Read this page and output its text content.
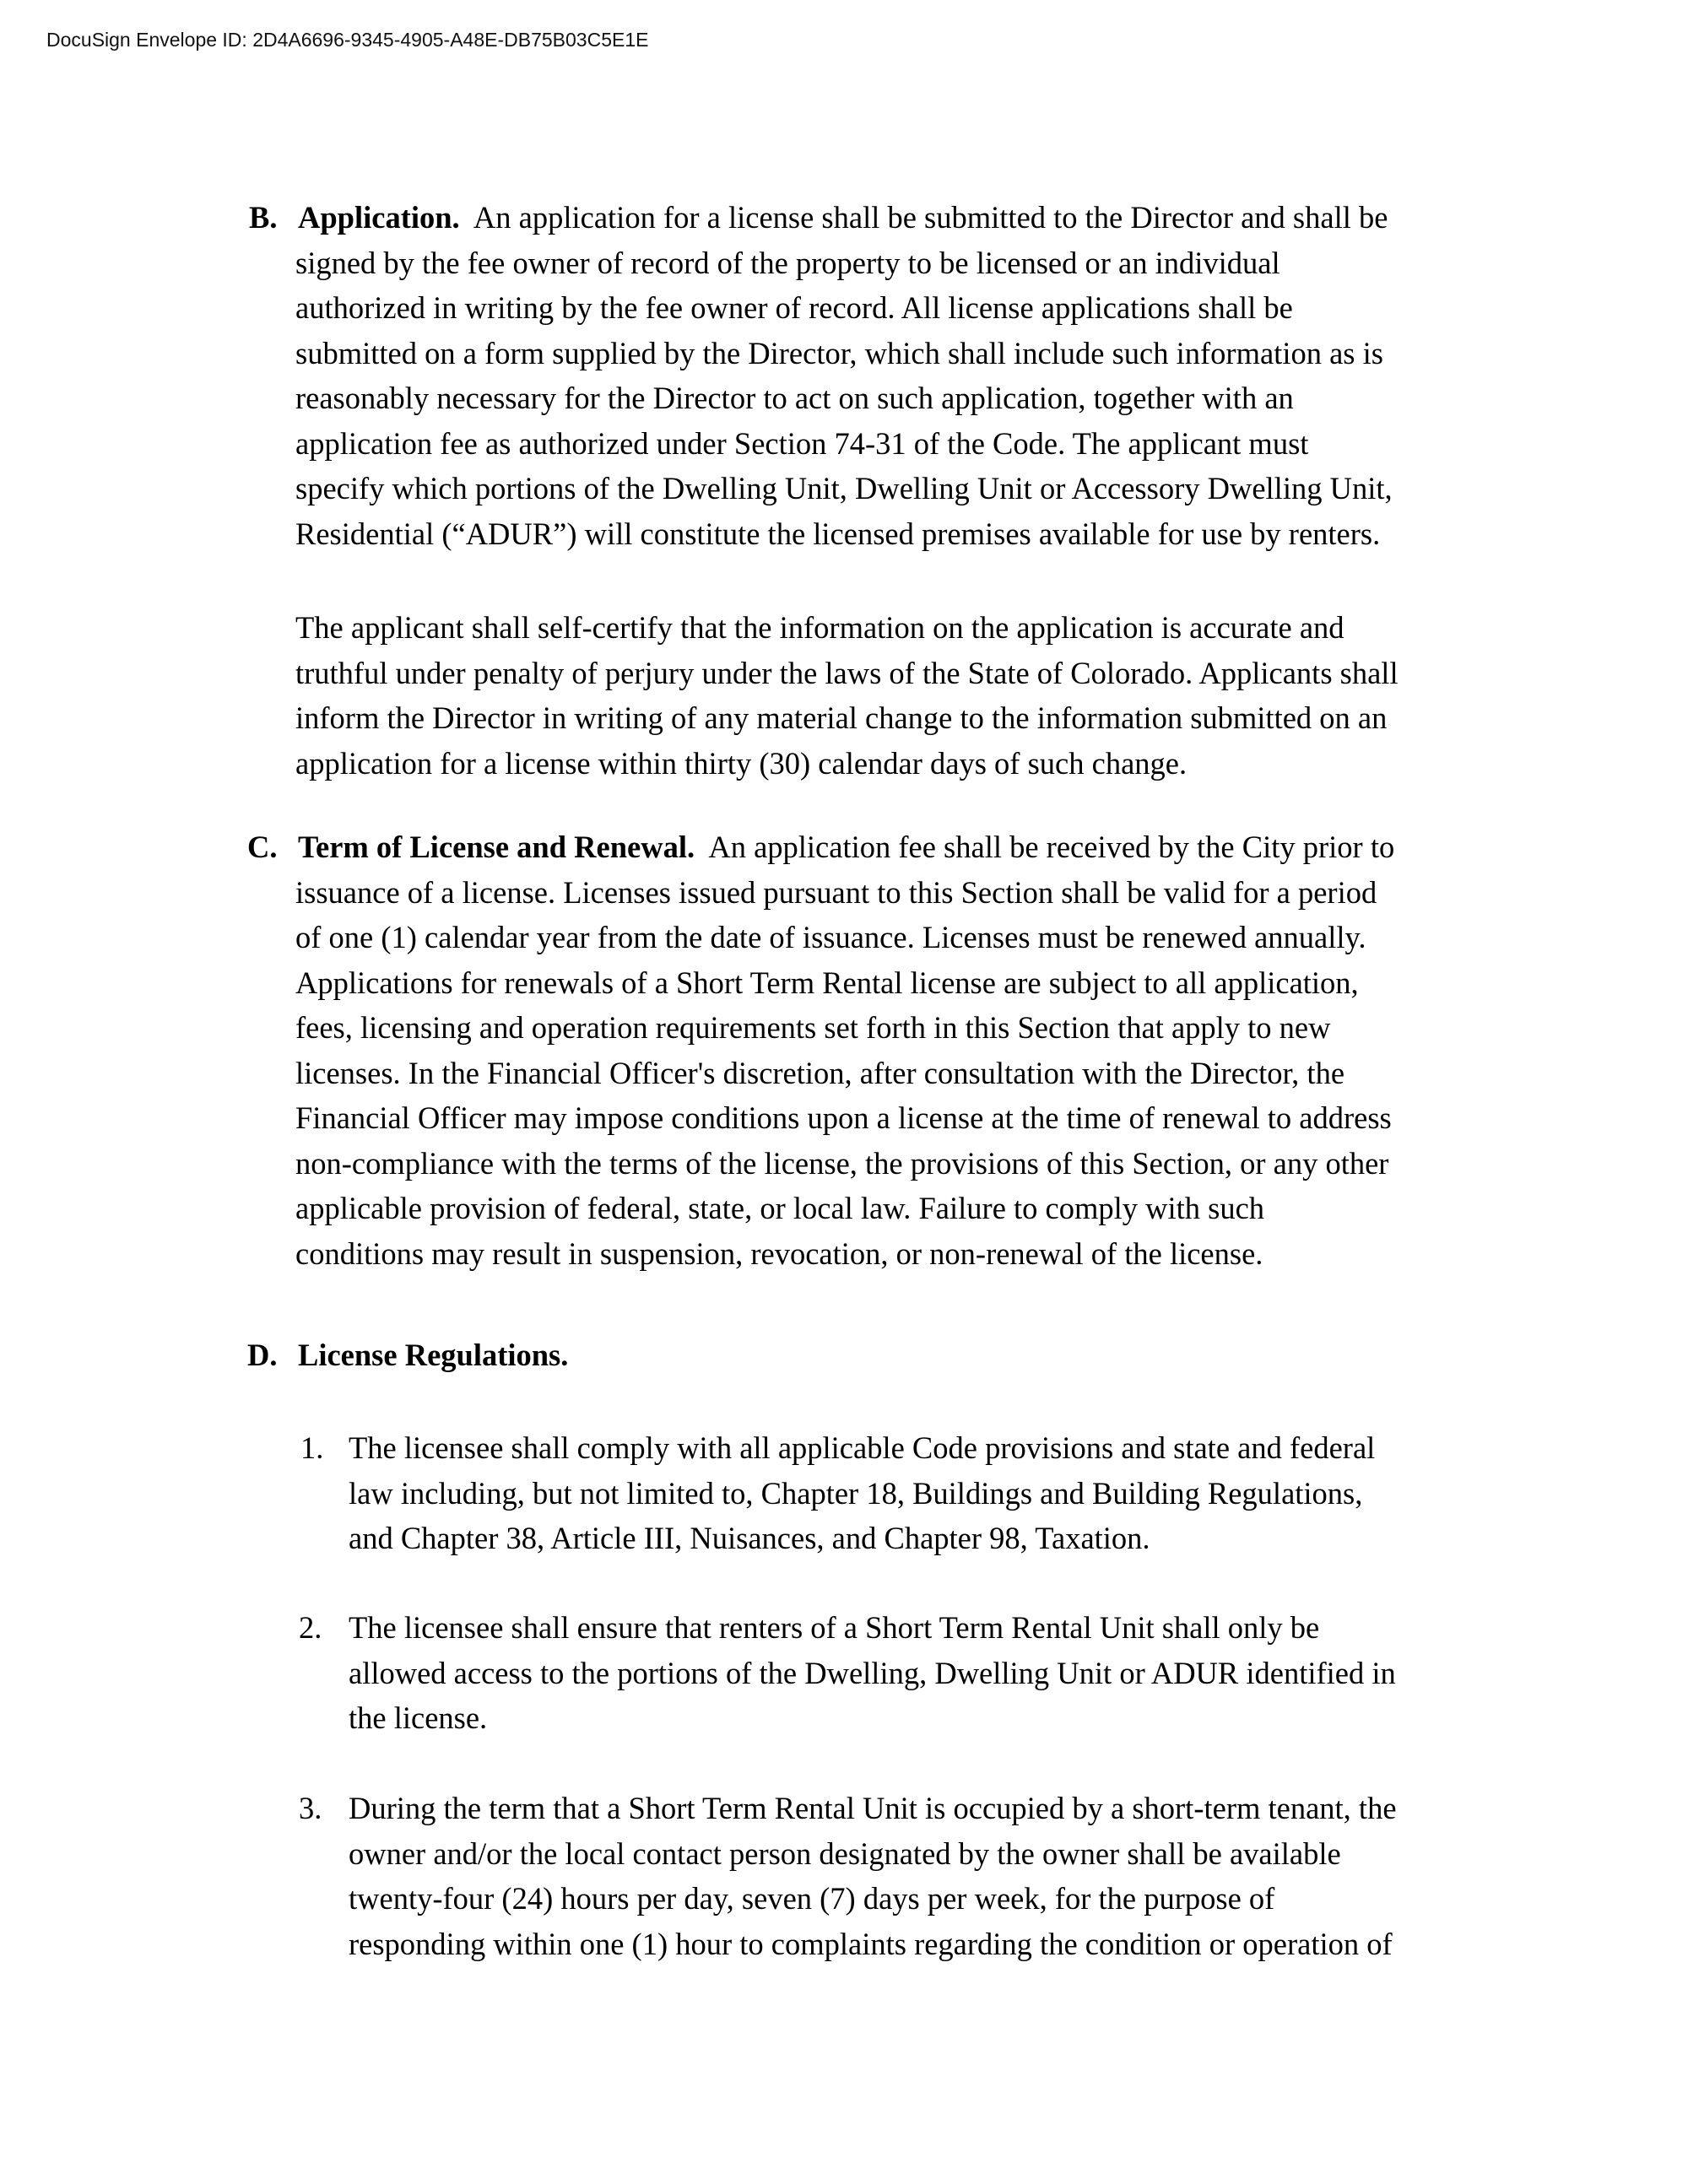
DocuSign Envelope ID: 2D4A6696-9345-4905-A48E-DB75B03C5E1E
B. Application. An application for a license shall be submitted to the Director and shall be
signed by the fee owner of record of the property to be licensed or an individual
authorized in writing by the fee owner of record. All license applications shall be
submitted on a form supplied by the Director, which shall include such information as is
reasonably necessary for the Director to act on such application, together with an
application fee as authorized under Section 74-31 of the Code. The applicant must
specify which portions of the Dwelling Unit, Dwelling Unit or Accessory Dwelling Unit,
Residential (“ADUR”) will constitute the licensed premises available for use by renters.
The applicant shall self-certify that the information on the application is accurate and
truthful under penalty of perjury under the laws of the State of Colorado. Applicants shall
inform the Director in writing of any material change to the information submitted on an
application for a license within thirty (30) calendar days of such change.
C. Term of License and Renewal. An application fee shall be received by the City prior to
issuance of a license. Licenses issued pursuant to this Section shall be valid for a period
of one (1) calendar year from the date of issuance. Licenses must be renewed annually.
Applications for renewals of a Short Term Rental license are subject to all application,
fees, licensing and operation requirements set forth in this Section that apply to new
licenses. In the Financial Officer's discretion, after consultation with the Director, the
Financial Officer may impose conditions upon a license at the time of renewal to address
non-compliance with the terms of the license, the provisions of this Section, or any other
applicable provision of federal, state, or local law. Failure to comply with such
conditions may result in suspension, revocation, or non-renewal of the license.
D. License Regulations.
1. The licensee shall comply with all applicable Code provisions and state and federal
law including, but not limited to, Chapter 18, Buildings and Building Regulations,
and Chapter 38, Article III, Nuisances, and Chapter 98, Taxation.
2. The licensee shall ensure that renters of a Short Term Rental Unit shall only be
allowed access to the portions of the Dwelling, Dwelling Unit or ADUR identified in
the license.
3. During the term that a Short Term Rental Unit is occupied by a short-term tenant, the
owner and/or the local contact person designated by the owner shall be available
twenty-four (24) hours per day, seven (7) days per week, for the purpose of
responding within one (1) hour to complaints regarding the condition or operation of
